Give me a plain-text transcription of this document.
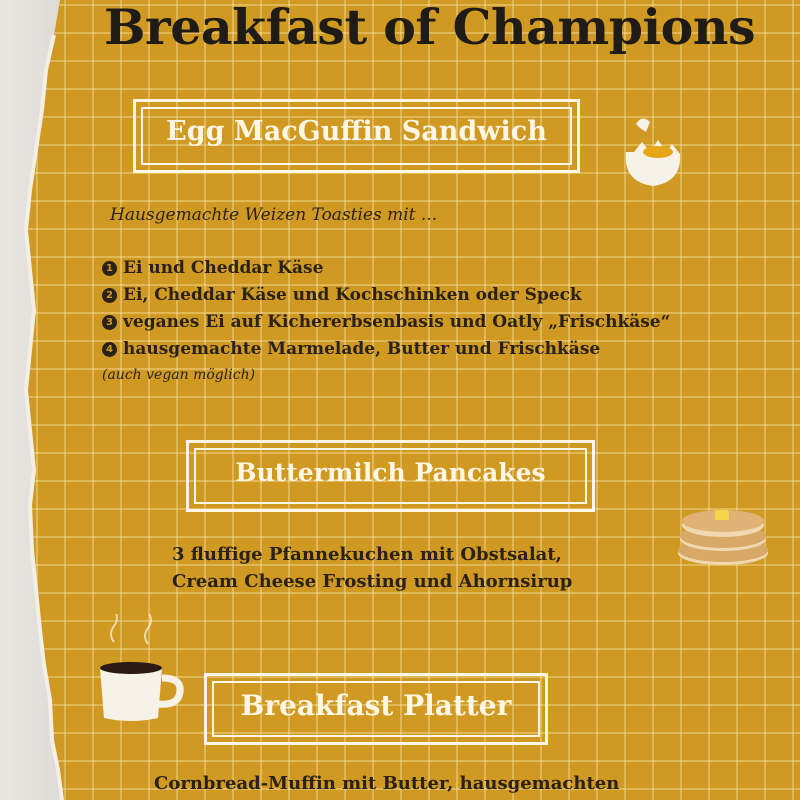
Breakfast of Champions
Egg MacGuffin Sandwich
Hausgemachte Weizen Toasties mit ...
1 Ei und Cheddar Käse
2 Ei, Cheddar Käse und Kochschinken oder Speck
3 veganes Ei auf Kichererbsenbasis und Oatly „Frischkäse“
4 hausgemachte Marmelade, Butter und Frischkäse
(auch vegan möglich)
Buttermilch Pancakes
3 fluffige Pfannekuchen mit Obstsalat,
Cream Cheese Frosting und Ahornsirup
Breakfast Platter
Cornbread-Muffin mit Butter, hausgemachten
